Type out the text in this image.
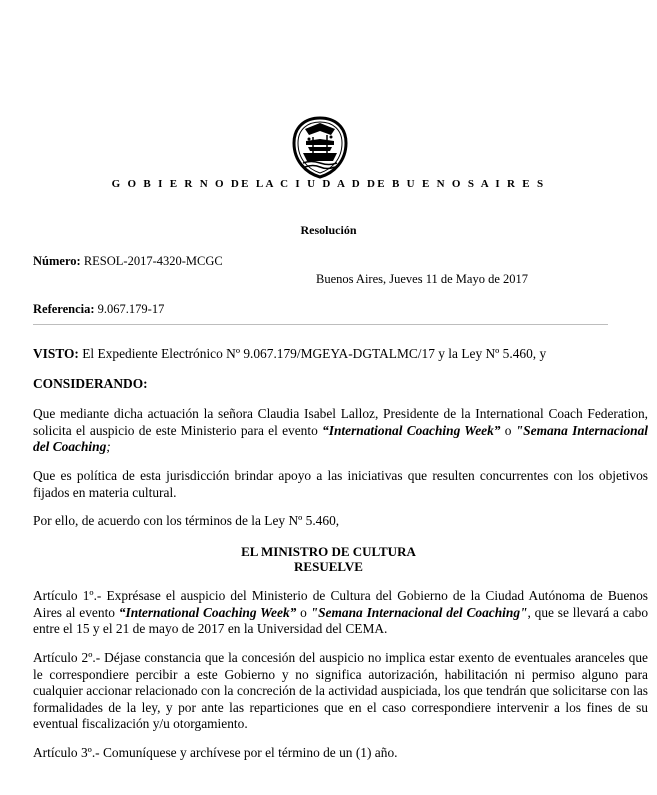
G O B I E R N O DE LA C I U D A D DE B U E N O S A I R E S
Resolución
Número: RESOL-2017-4320-MCGC
Buenos Aires, Jueves 11 de Mayo de 2017
Referencia: 9.067.179-17

VISTO: El Expediente Electrónico Nº 9.067.179/MGEYA-DGTALMC/17 y la Ley Nº 5.460, y

CONSIDERANDO:

Que mediante dicha actuación la señora Claudia Isabel Lalloz, Presidente de la International Coach Federation, solicita el auspicio de este Ministerio para el evento “International Coaching Week” o "Semana Internacional del Coaching;

Que es política de esta jurisdicción brindar apoyo a las iniciativas que resulten concurrentes con los objetivos fijados en materia cultural.

Por ello, de acuerdo con los términos de la Ley Nº 5.460,

EL MINISTRO DE CULTURA
RESUELVE

Artículo 1º.- Exprésase el auspicio del Ministerio de Cultura del Gobierno de la Ciudad Autónoma de Buenos Aires al evento “International Coaching Week” o "Semana Internacional del Coaching", que se llevará a cabo entre el 15 y el 21 de mayo de 2017 en la Universidad del CEMA.

Artículo 2º.- Déjase constancia que la concesión del auspicio no implica estar exento de eventuales aranceles que le correspondiere percibir a este Gobierno y no significa autorización, habilitación ni permiso alguno para cualquier accionar relacionado con la concreción de la actividad auspiciada, los que tendrán que solicitarse con las formalidades de la ley, y por ante las reparticiones que en el caso correspondiere intervenir a los fines de su eventual fiscalización y/u otorgamiento.

Artículo 3º.- Comuníquese y archívese por el término de un (1) año.
